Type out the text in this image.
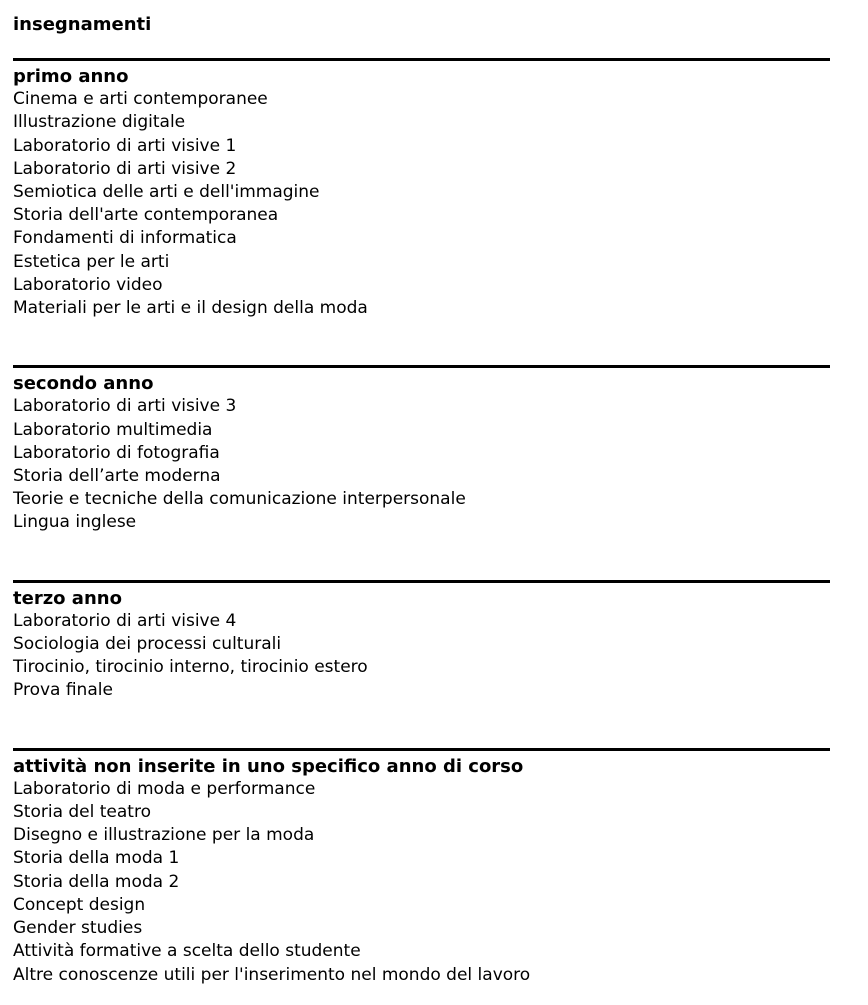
insegnamenti
primo anno
Cinema e arti contemporanee
Illustrazione digitale
Laboratorio di arti visive 1
Laboratorio di arti visive 2
Semiotica delle arti e dell'immagine
Storia dell'arte contemporanea
Fondamenti di informatica
Estetica per le arti
Laboratorio video
Materiali per le arti e il design della moda
secondo anno
Laboratorio di arti visive 3
Laboratorio multimedia
Laboratorio di fotografia
Storia dell’arte moderna
Teorie e tecniche della comunicazione interpersonale
Lingua inglese
terzo anno
Laboratorio di arti visive 4
Sociologia dei processi culturali
Tirocinio, tirocinio interno, tirocinio estero
Prova finale
attività non inserite in uno specifico anno di corso
Laboratorio di moda e performance
Storia del teatro
Disegno e illustrazione per la moda
Storia della moda 1
Storia della moda 2
Concept design
Gender studies
Attività formative a scelta dello studente
Altre conoscenze utili per l'inserimento nel mondo del lavoro
